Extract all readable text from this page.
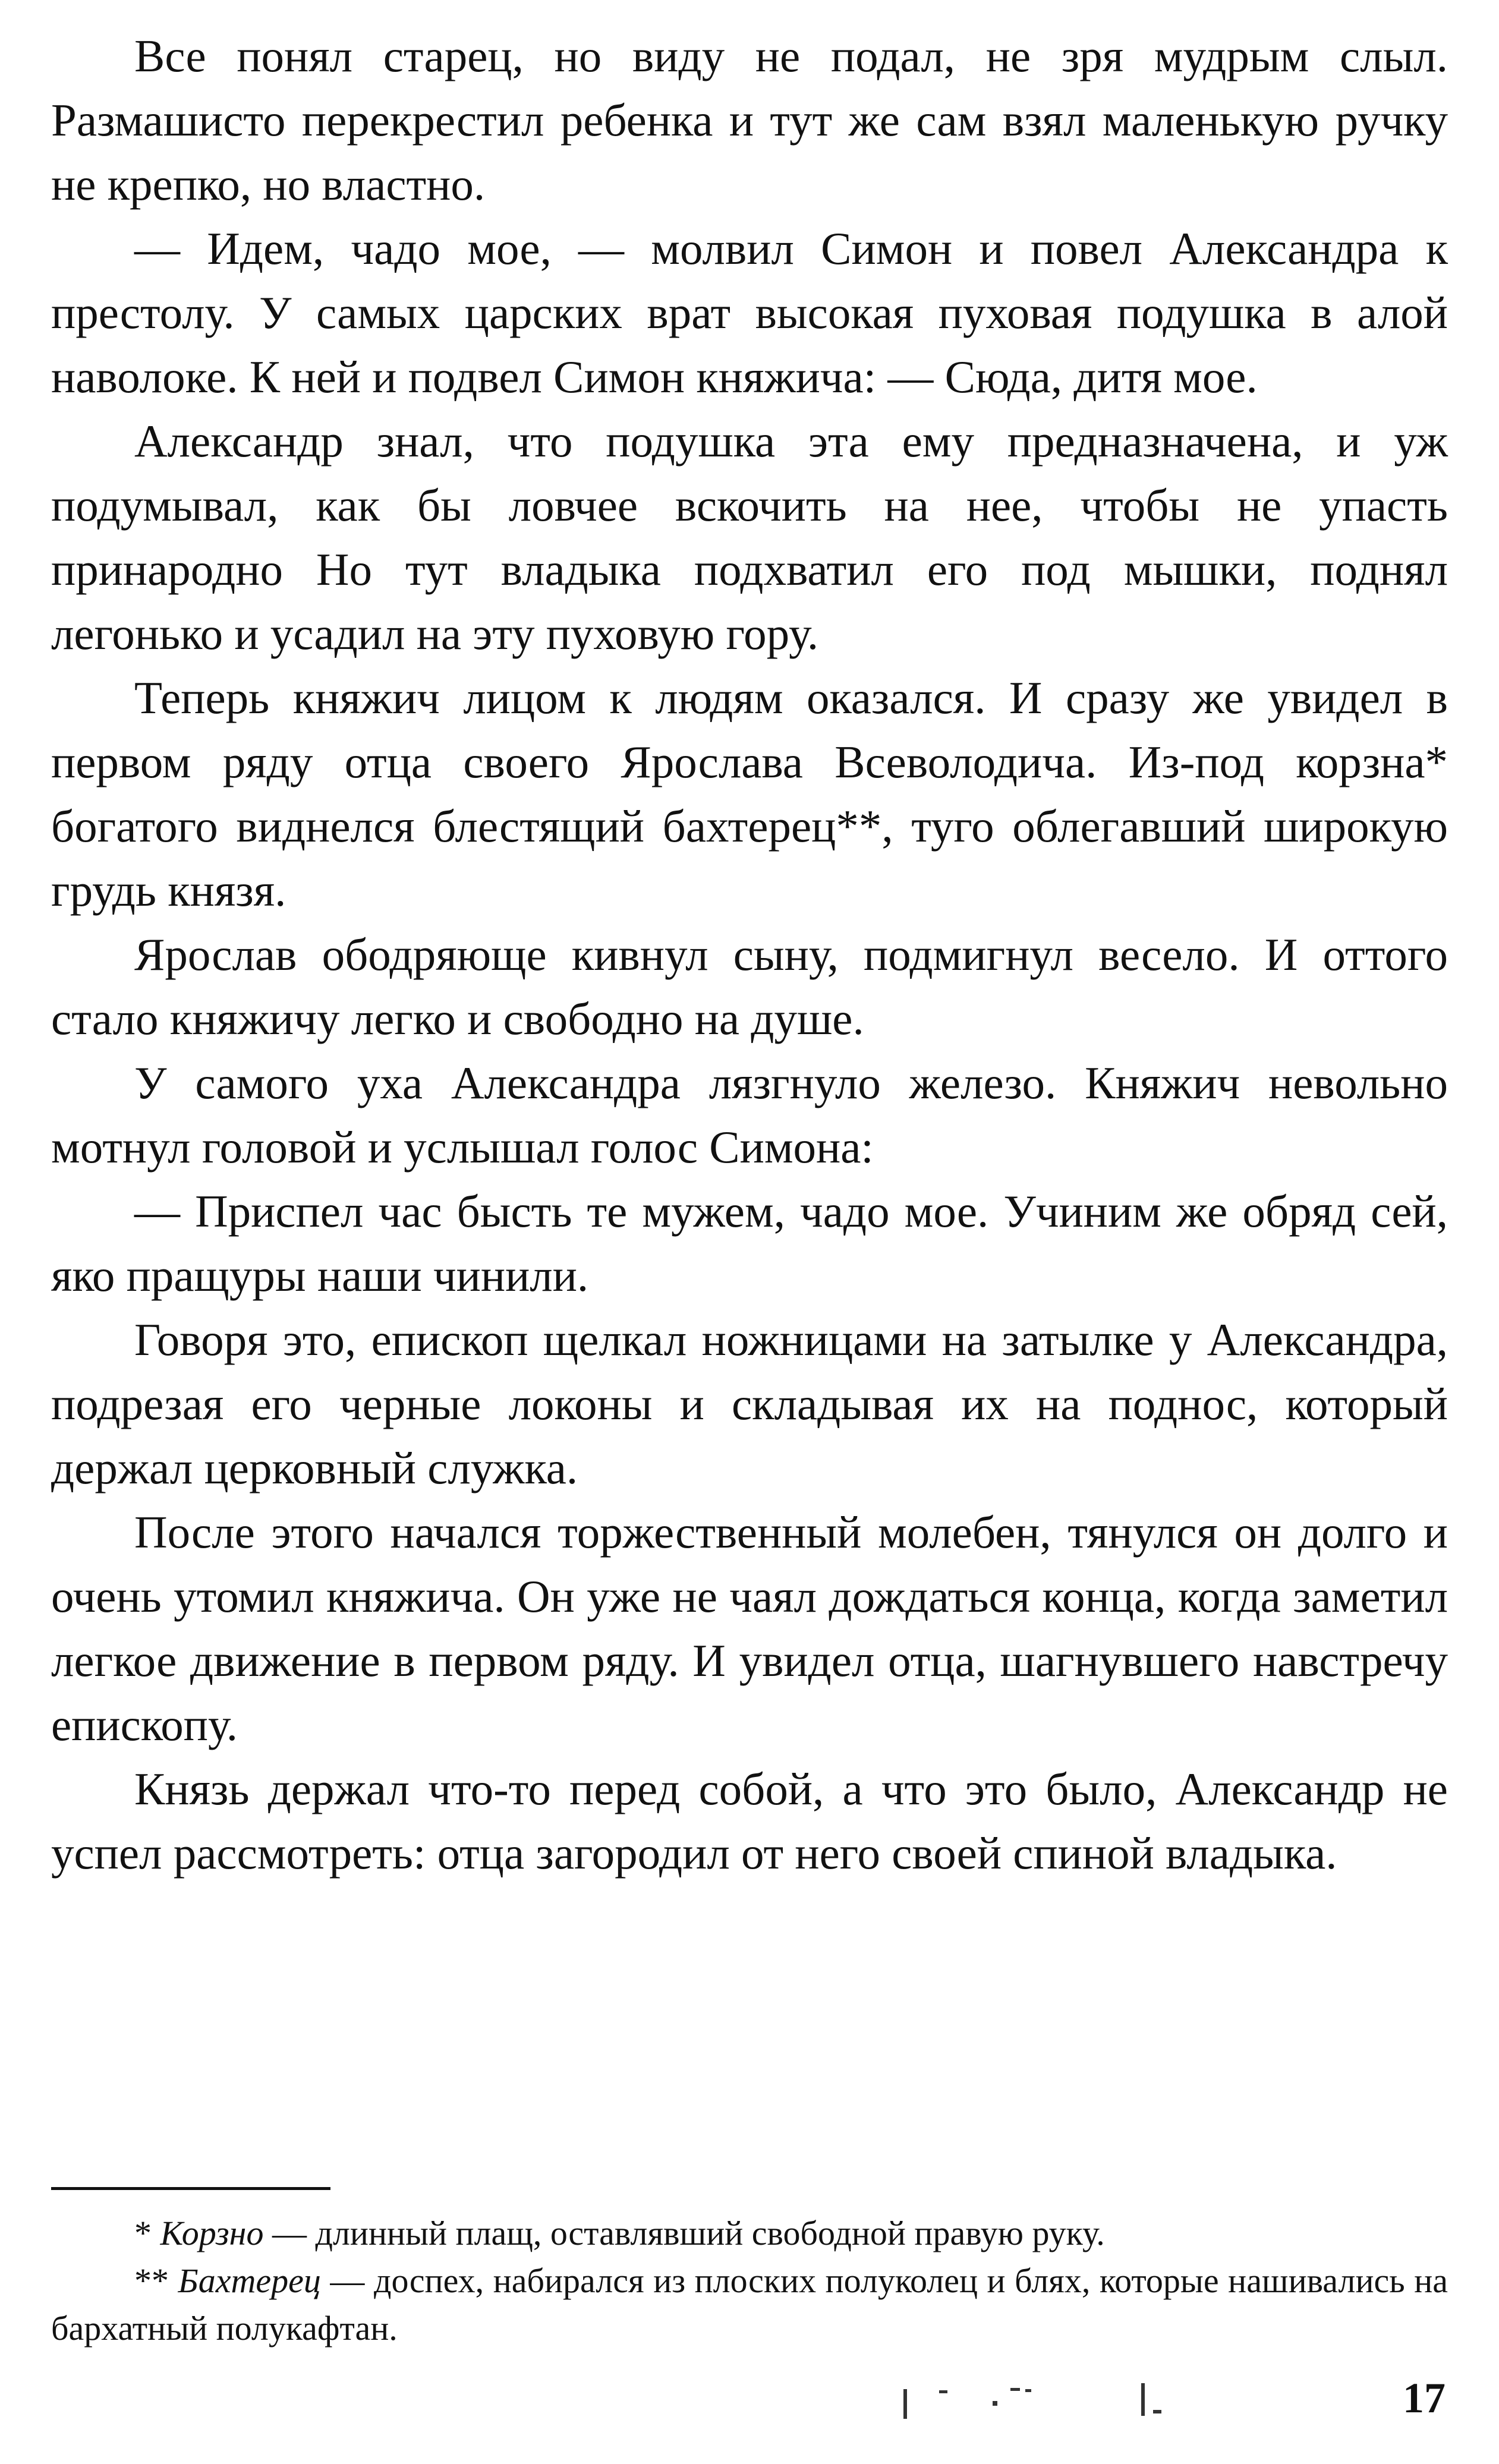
Все понял старец, но виду не подал, не зря мудрым слыл. Размашисто перекрестил ребенка и тут же сам взял маленькую ручку не крепко, но властно.

— Идем, чадо мое, — молвил Симон и повел Александра к престолу. У самых царских врат высокая пуховая подушка в алой наволоке. К ней и подвел Симон княжича: — Сюда, дитя мое.

Александр знал, что подушка эта ему предназначена, и уж подумывал, как бы ловчее вскочить на нее, чтобы не упасть принародно Но тут владыка подхватил его под мышки, поднял легонько и усадил на эту пуховую гору.

Теперь княжич лицом к людям оказался. И сразу же увидел в первом ряду отца своего Ярослава Всеволодича. Из-под корзна* богатого виднелся блестящий бахтерец**, туго облегавший широкую грудь князя.

Ярослав ободряюще кивнул сыну, подмигнул весело. И оттого стало княжичу легко и свободно на душе.

У самого уха Александра лязгнуло железо. Княжич невольно мотнул головой и услышал голос Симона:

— Приспел час бысть те мужем, чадо мое. Учиним же обряд сей, яко пращуры наши чинили.

Говоря это, епископ щелкал ножницами на затылке у Александра, подрезая его черные локоны и складывая их на поднос, который держал церковный служка.

После этого начался торжественный молебен, тянулся он долго и очень утомил княжича. Он уже не чаял дождаться конца, когда заметил легкое движение в первом ряду. И увидел отца, шагнувшего навстречу епископу.

Князь держал что-то перед собой, а что это было, Александр не успел рассмотреть: отца загородил от него своей спиной владыка.

* Корзно — длинный плащ, оставлявший свободной правую руку.

** Бахтерец — доспех, набирался из плоских полуколец и блях, которые нашивались на бархатный полукафтан.

17
